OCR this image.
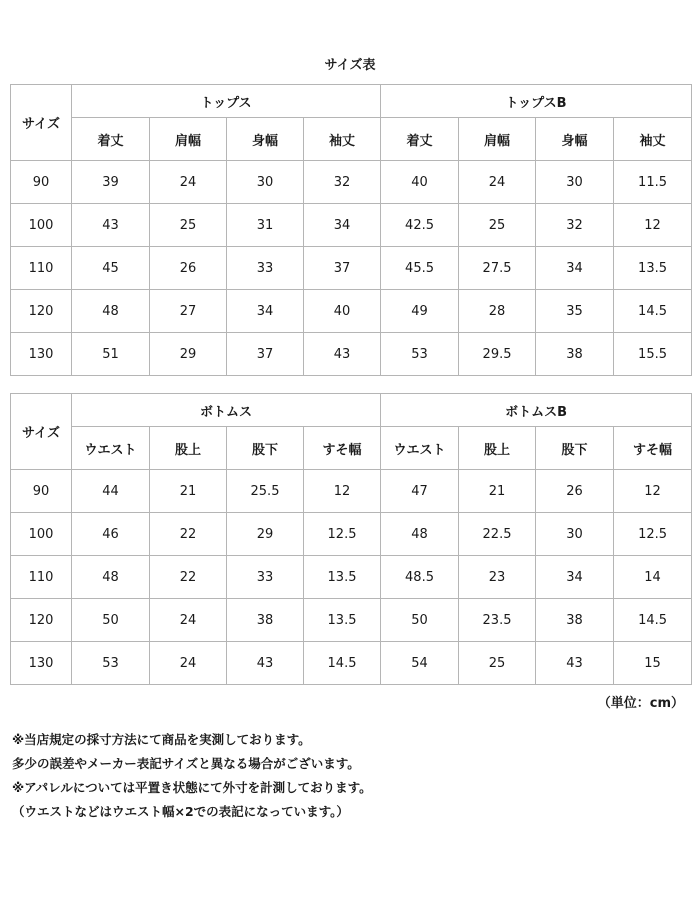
サイズ表
サイズ	トップス				トップスB			
	着丈	肩幅	身幅	袖丈	着丈	肩幅	身幅	袖丈
90	39	24	30	32	40	24	30	11.5
100	43	25	31	34	42.5	25	32	12
110	45	26	33	37	45.5	27.5	34	13.5
120	48	27	34	40	49	28	35	14.5
130	51	29	37	43	53	29.5	38	15.5
サイズ	ボトムス				ボトムスB			
	ウエスト	股上	股下	すそ幅	ウエスト	股上	股下	すそ幅
90	44	21	25.5	12	47	21	26	12
100	46	22	29	12.5	48	22.5	30	12.5
110	48	22	33	13.5	48.5	23	34	14
120	50	24	38	13.5	50	23.5	38	14.5
130	53	24	43	14.5	54	25	43	15
（単位：cm）
※当店規定の採寸方法にて商品を実測しております。
多少の誤差やメーカー表記サイズと異なる場合がございます。
※アパレルについては平置き状態にて外寸を計測しております。
（ウエストなどはウエスト幅×2での表記になっています。）
